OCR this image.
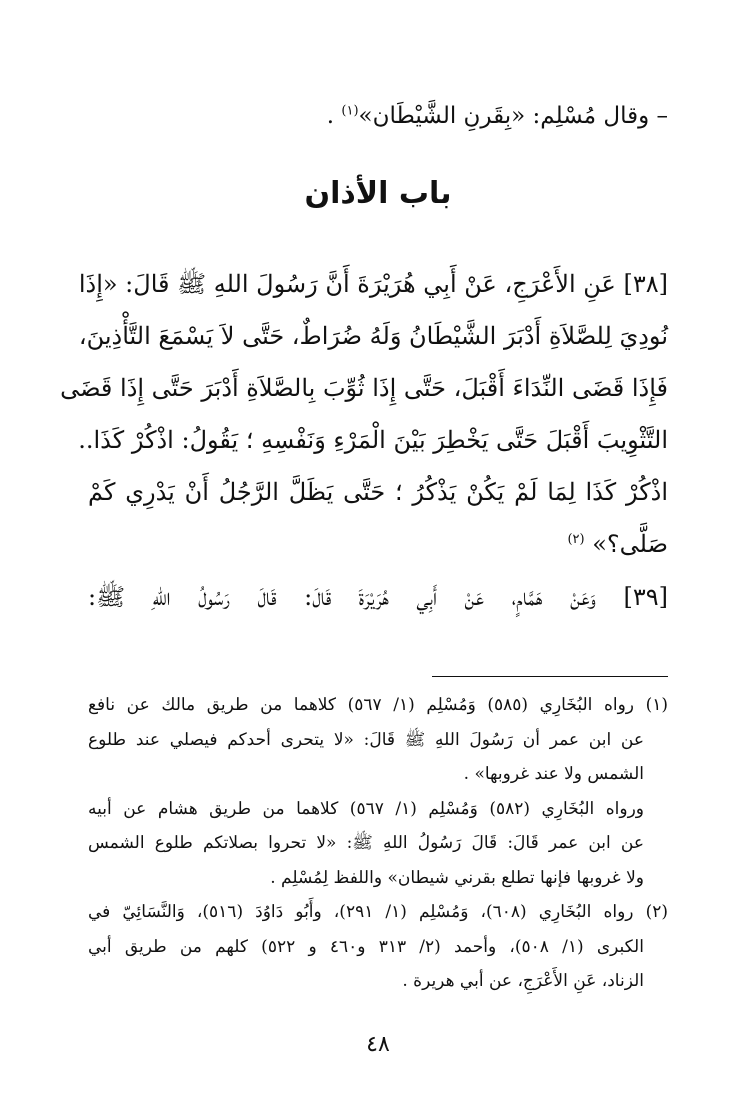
– وقال مُسْلِم: «بِقَرنِ الشَّيْطَان»$^{(١)}$ .
باب الأذان
[٣٨] عَنِ الأَعْرَجِ، عَنْ أَبِي هُرَيْرَةَ أَنَّ رَسُولَ اللهِ ﷺ قَالَ: «إِذَا
نُودِيَ لِلصَّلاَةِ أَدْبَرَ الشَّيْطَانُ وَلَهُ ضُرَاطٌ، حَتَّى لاَ يَسْمَعَ التَّأْذِينَ،
فَإِذَا قَضَى النِّدَاءَ أَقْبَلَ، حَتَّى إِذَا ثُوِّبَ بِالصَّلاَةِ أَدْبَرَ حَتَّى إِذَا قَضَى
التَّثْوِيبَ أَقْبَلَ حَتَّى يَخْطِرَ بَيْنَ الْمَرْءِ وَنَفْسِهِ ؛ يَقُولُ: اذْكُرْ كَذَا..
اذْكُرْ كَذَا لِمَا لَمْ يَكُنْ يَذْكُرُ ؛ حَتَّى يَظَلَّ الرَّجُلُ أَنْ يَدْرِي كَمْ
صَلَّى؟» $^{(٢)}$
[٣٩] وَعَنْ هَمَّامٍ، عَنْ أَبِي هُرَيْرَةَ قَالَ: قَالَ رَسُولُ اللهِ ﷺ:
(١) رواه البُخَارِي (٥٨٥) وَمُسْلِم (١/ ٥٦٧) كلاهما من طريق مالك عن نافع
عن ابن عمر أن رَسُولَ اللهِ ﷺ قَالَ: «لا يتحرى أحدكم فيصلي عند طلوع
الشمس ولا عند غروبها» .
ورواه البُخَارِي (٥٨٢) وَمُسْلِم (١/ ٥٦٧) كلاهما من طريق هشام عن أبيه
عن ابن عمر قَالَ: قَالَ رَسُولُ اللهِ ﷺ: «لا تحروا بصلاتكم طلوع الشمس
ولا غروبها فإنها تطلع بقرني شيطان» واللفظ لِمُسْلِم .
(٢) رواه البُخَارِي (٦٠٨)، وَمُسْلِم (١/ ٢٩١)، وأَبُو دَاوُدَ (٥١٦)، وَالنَّسَائِيّ في
الكبرى (١/ ٥٠٨)، وأحمد (٢/ ٣١٣ و٤٦٠ و ٥٢٢) كلهم من طريق أبي
الزناد، عَنِ الأَعْرَجِ، عن أبي هريرة .
٤٨
